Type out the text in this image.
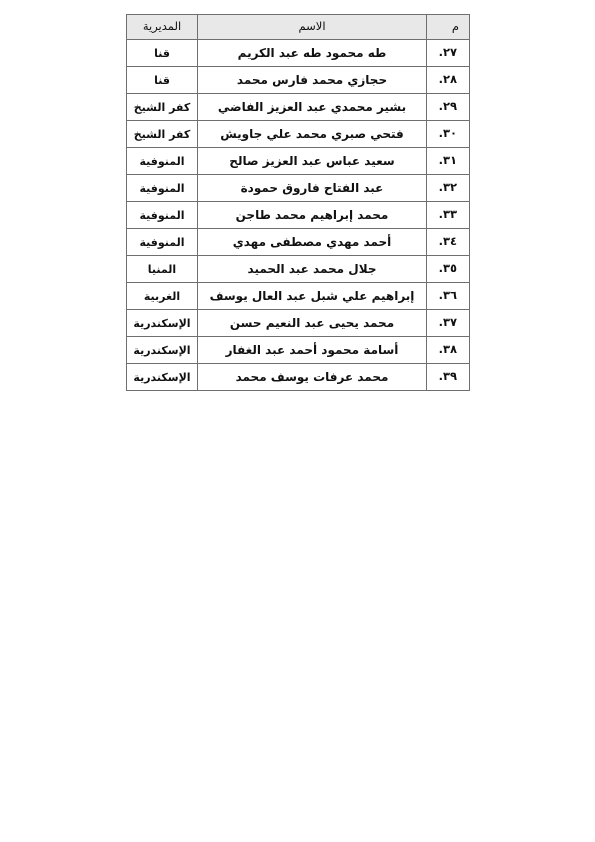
م	الاسم	المديرية
٢٧.	طه محمود طه عبد الكريم	قنا
٢٨.	حجازي محمد فارس محمد	قنا
٢٩.	بشير محمدي عبد العزيز الفاضي	كفر الشيخ
٣٠.	فتحي صبري محمد علي جاويش	كفر الشيخ
٣١.	سعيد عباس عبد العزيز صالح	المنوفية
٣٢.	عبد الفتاح فاروق حمودة	المنوفية
٣٣.	محمد إبراهيم محمد طاجن	المنوفية
٣٤.	أحمد مهدي مصطفى مهدي	المنوفية
٣٥.	جلال محمد عبد الحميد	المنيا
٣٦.	إبراهيم علي شبل عبد العال يوسف	الغربية
٣٧.	محمد يحيى عبد النعيم حسن	الإسكندرية
٣٨.	أسامة محمود أحمد عبد الغفار	الإسكندرية
٣٩.	محمد عرفات يوسف محمد	الإسكندرية
